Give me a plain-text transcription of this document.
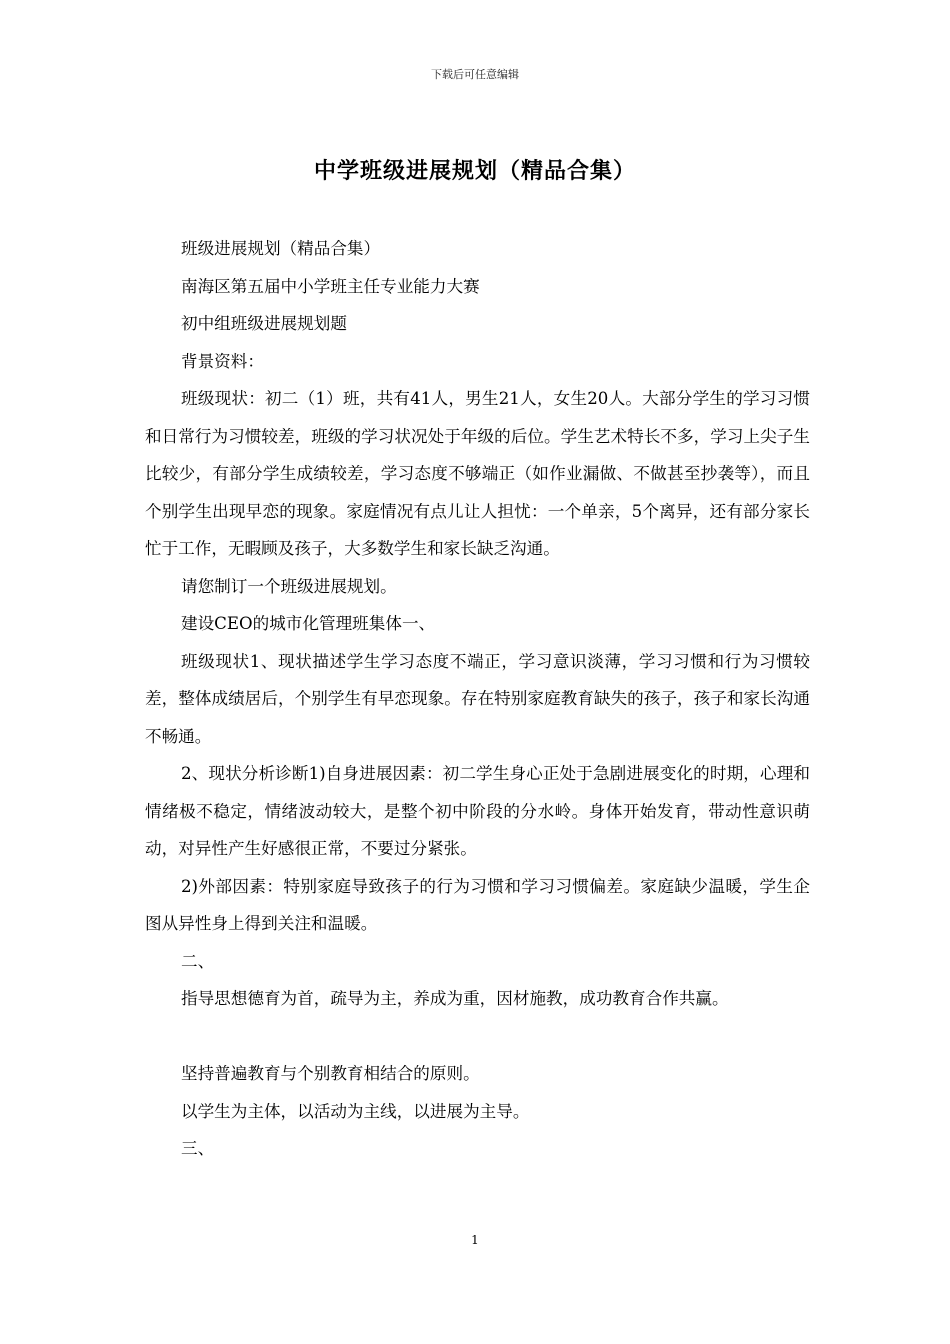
下载后可任意编辑
中学班级进展规划（精品合集）

班级进展规划（精品合集）

南海区第五届中小学班主任专业能力大赛

初中组班级进展规划题

背景资料：

班级现状：初二（1）班，共有41人，男生21人，女生20人。大部分学生的学习习惯和日常行为习惯较差，班级的学习状况处于年级的后位。学生艺术特长不多，学习上尖子生比较少，有部分学生成绩较差，学习态度不够端正（如作业漏做、不做甚至抄袭等），而且个别学生出现早恋的现象。家庭情况有点儿让人担忧：一个单亲，5个离异，还有部分家长忙于工作，无暇顾及孩子，大多数学生和家长缺乏沟通。

请您制订一个班级进展规划。

建设CEO的城市化管理班集体一、

班级现状1、现状描述学生学习态度不端正，学习意识淡薄，学习习惯和行为习惯较差，整体成绩居后，个别学生有早恋现象。存在特别家庭教育缺失的孩子，孩子和家长沟通不畅通。

2、现状分析诊断1)自身进展因素：初二学生身心正处于急剧进展变化的时期，心理和情绪极不稳定，情绪波动较大，是整个初中阶段的分水岭。身体开始发育，带动性意识萌动，对异性产生好感很正常，不要过分紧张。

2)外部因素：特别家庭导致孩子的行为习惯和学习习惯偏差。家庭缺少温暖，学生企图从异性身上得到关注和温暖。

二、

指导思想德育为首，疏导为主，养成为重，因材施教，成功教育合作共赢。

坚持普遍教育与个别教育相结合的原则。

以学生为主体，以活动为主线，以进展为主导。

三、

1
